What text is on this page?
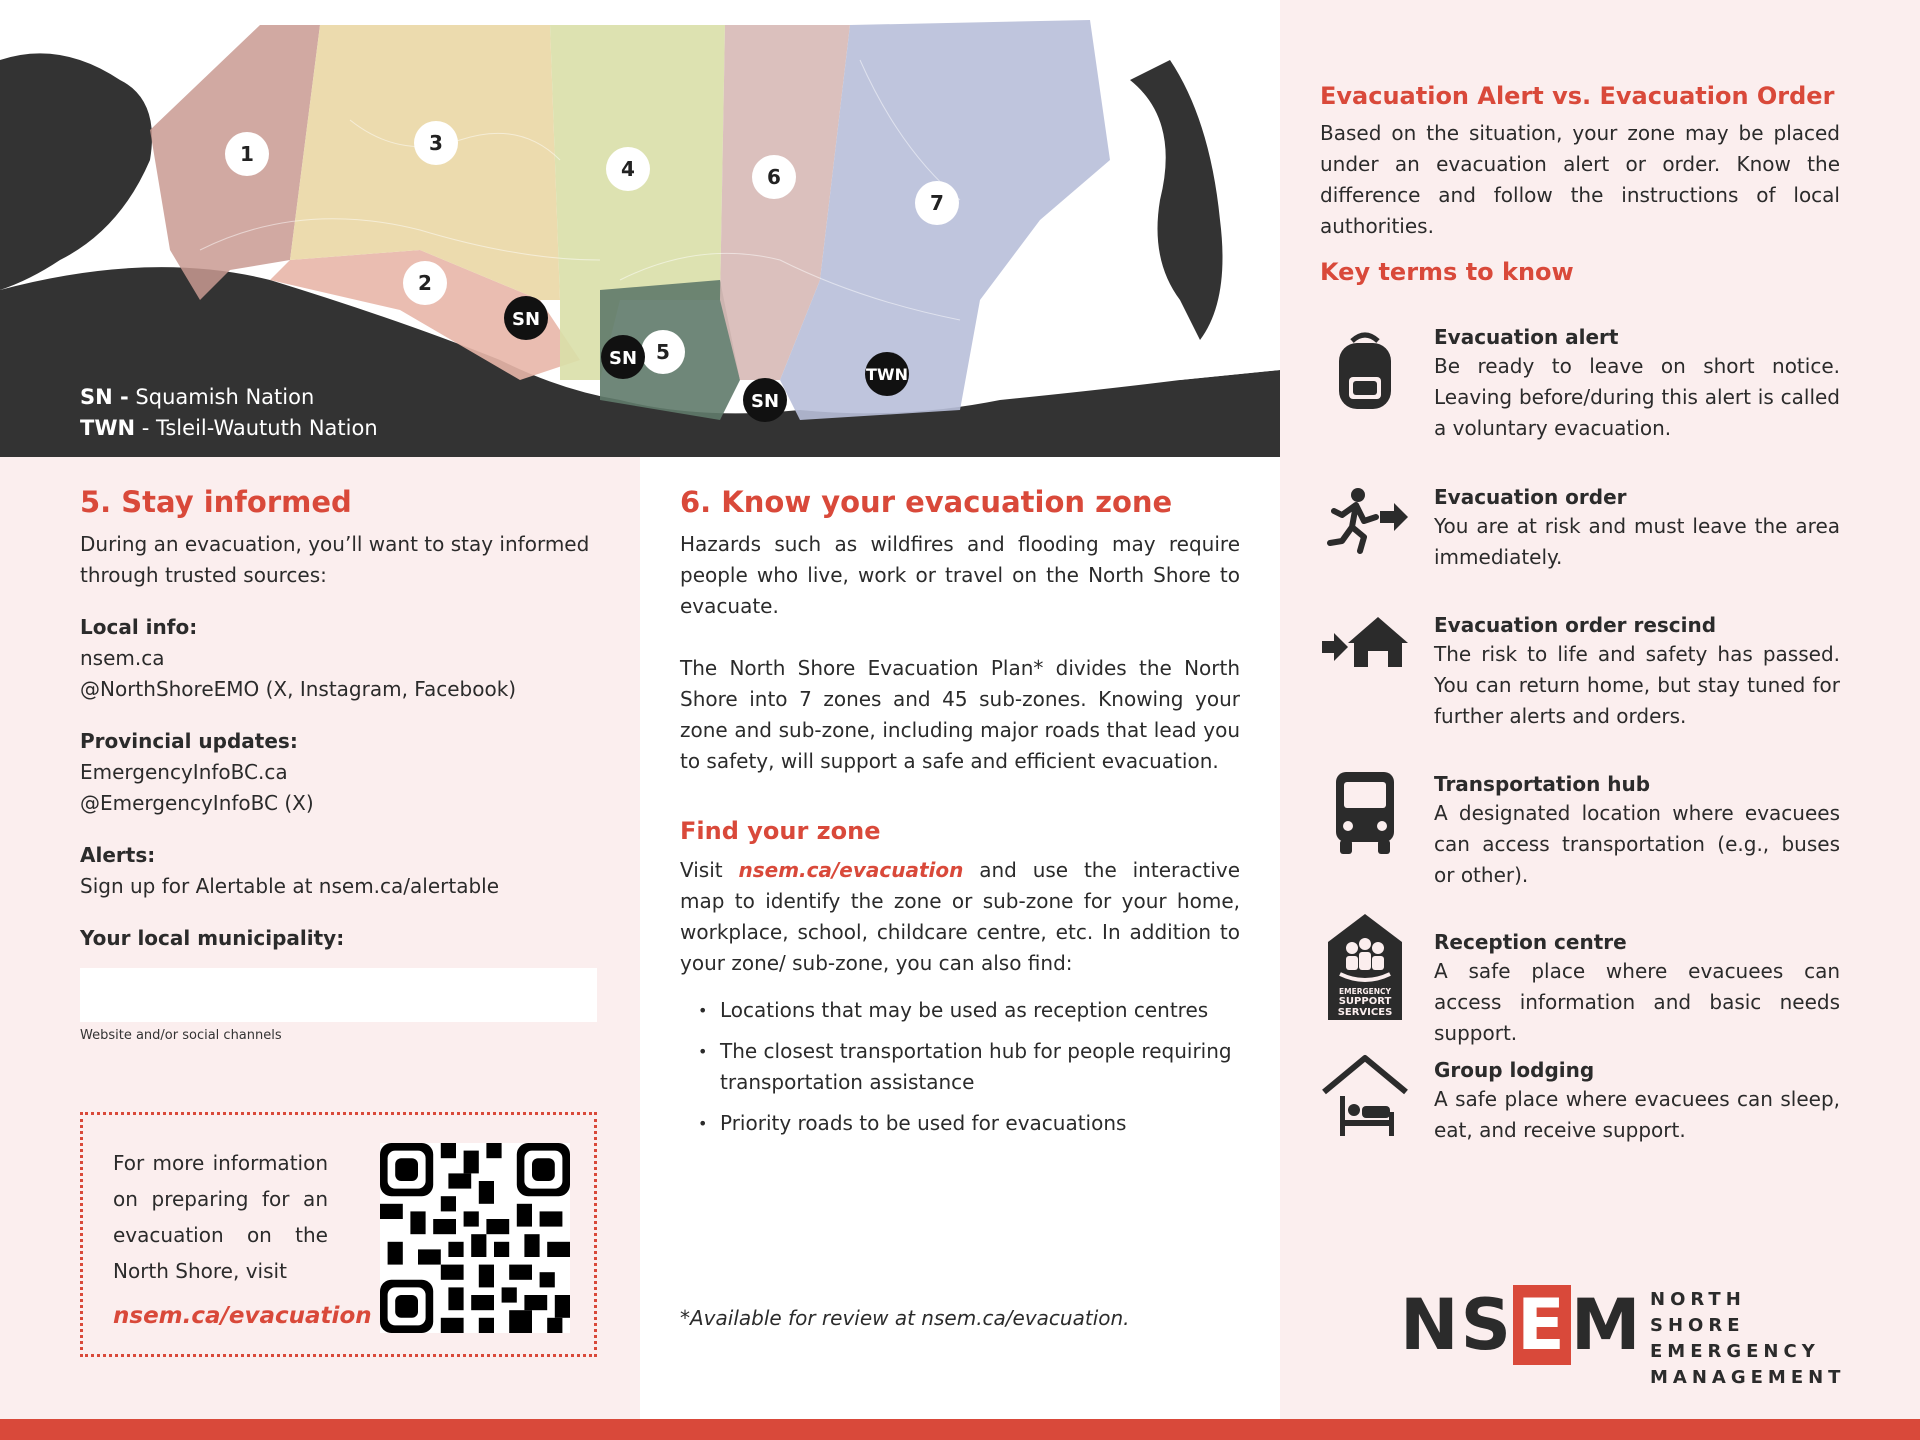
1	3
4	6
7
2
5
SN
SN
SN
TWN
SN - Squamish Nation
TWN - Tsleil-Waututh Nation
5. Stay informed

During an evacuation, you’ll want to stay informed through trusted sources:

Local info:

nsem.ca

@NorthShoreEMO (X, Instagram, Facebook)

Provincial updates:

EmergencyInfoBC.ca

@EmergencyInfoBC (X)

Alerts:

Sign up for Alertable at nsem.ca/alertable

Your local municipality:
Website and/or social channels
For more information on preparing for an evacuation on the North Shore, visit
nsem.ca/evacuation
6. Know your evacuation zone

Hazards such as wildfires and flooding may require people who live, work or travel on the North Shore to evacuate.

The North Shore Evacuation Plan* divides the North Shore into 7 zones and 45 sub-zones. Knowing your zone and sub-zone, including major roads that lead you to safety, will support a safe and efficient evacuation.

Find your zone

Visit nsem.ca/evacuation and use the interactive map to identify the zone or sub-zone for your home, workplace, school, childcare centre, etc. In addition to your zone/ sub-zone, you can also find:

• Locations that may be used as reception centres
• The closest transportation hub for people requiring transportation assistance
• Priority roads to be used for evacuations
*Available for review at nsem.ca/evacuation.
Evacuation Alert vs. Evacuation Order

Based on the situation, your zone may be placed under an evacuation alert or order. Know the difference and follow the instructions of local authorities.

Key terms to know
Evacuation alert
Be ready to leave on short notice. Leaving before/during this alert is called a voluntary evacuation.
Evacuation order
You are at risk and must leave the area immediately.
Evacuation order rescind
The risk to life and safety has passed. You can return home, but stay tuned for further alerts and orders.
Transportation hub
A designated location where evacuees can access transportation (e.g., buses or other).
EMERGENCY
SUPPORT
SERVICES
Reception centre
A safe place where evacuees can access information and basic needs support.
Group lodging
A safe place where evacuees can sleep, eat, and receive support.
NSEM NORTH SHORE
EMERGENCY
MANAGEMENT
